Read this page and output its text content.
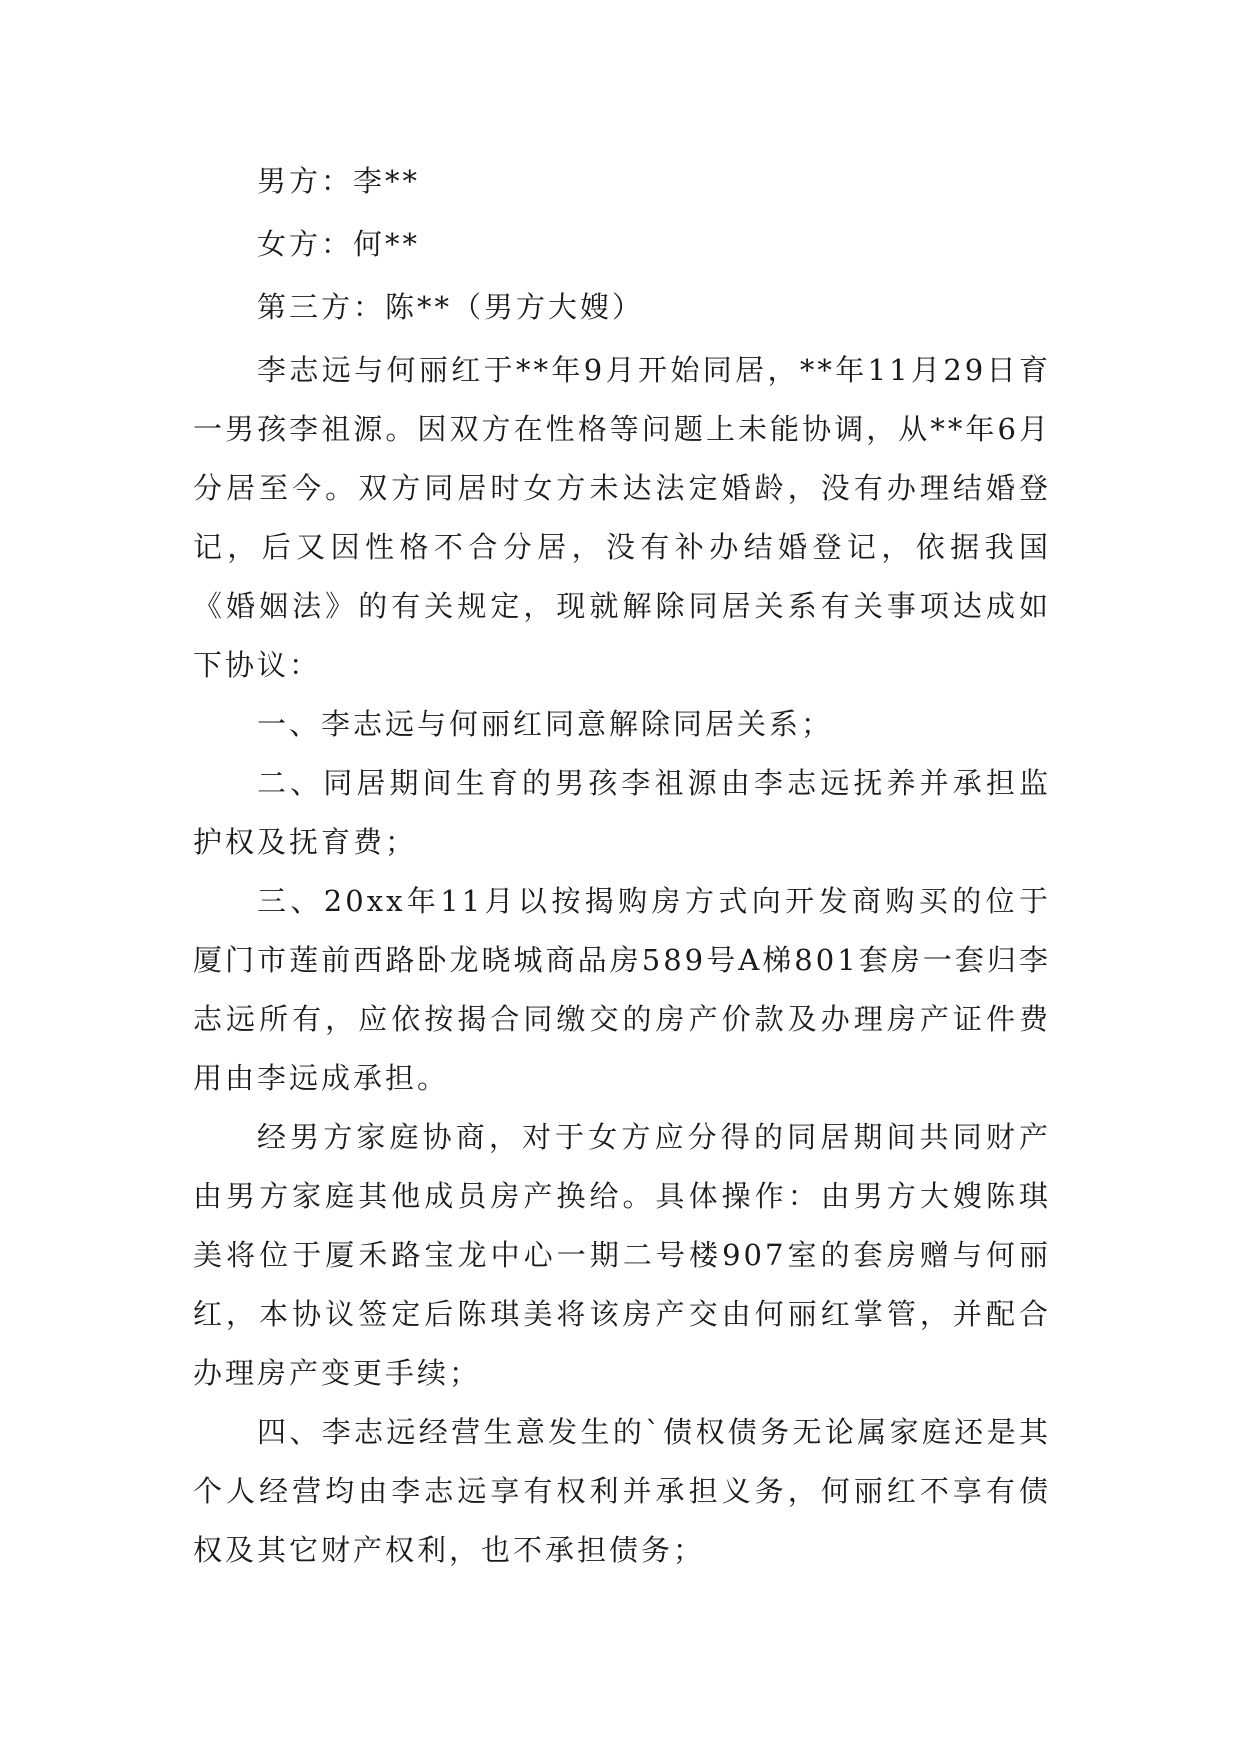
男方：李**

女方：何**

第三方：陈**（男方大嫂）

李志远与何丽红于**年9月开始同居，**年11月29日育一男孩李祖源。因双方在性格等问题上未能协调，从**年6月分居至今。双方同居时女方未达法定婚龄，没有办理结婚登记，后又因性格不合分居，没有补办结婚登记，依据我国《婚姻法》的有关规定，现就解除同居关系有关事项达成如下协议：

一、李志远与何丽红同意解除同居关系；

二、同居期间生育的男孩李祖源由李志远抚养并承担监护权及抚育费；

三、20xx年11月以按揭购房方式向开发商购买的位于厦门市莲前西路卧龙晓城商品房589号A梯801套房一套归李志远所有，应依按揭合同缴交的房产价款及办理房产证件费用由李远成承担。

经男方家庭协商，对于女方应分得的同居期间共同财产由男方家庭其他成员房产换给。具体操作：由男方大嫂陈琪美将位于厦禾路宝龙中心一期二号楼907室的套房赠与何丽红，本协议签定后陈琪美将该房产交由何丽红掌管，并配合办理房产变更手续；

四、李志远经营生意发生的`债权债务无论属家庭还是其个人经营均由李志远享有权利并承担义务，何丽红不享有债权及其它财产权利，也不承担债务；
